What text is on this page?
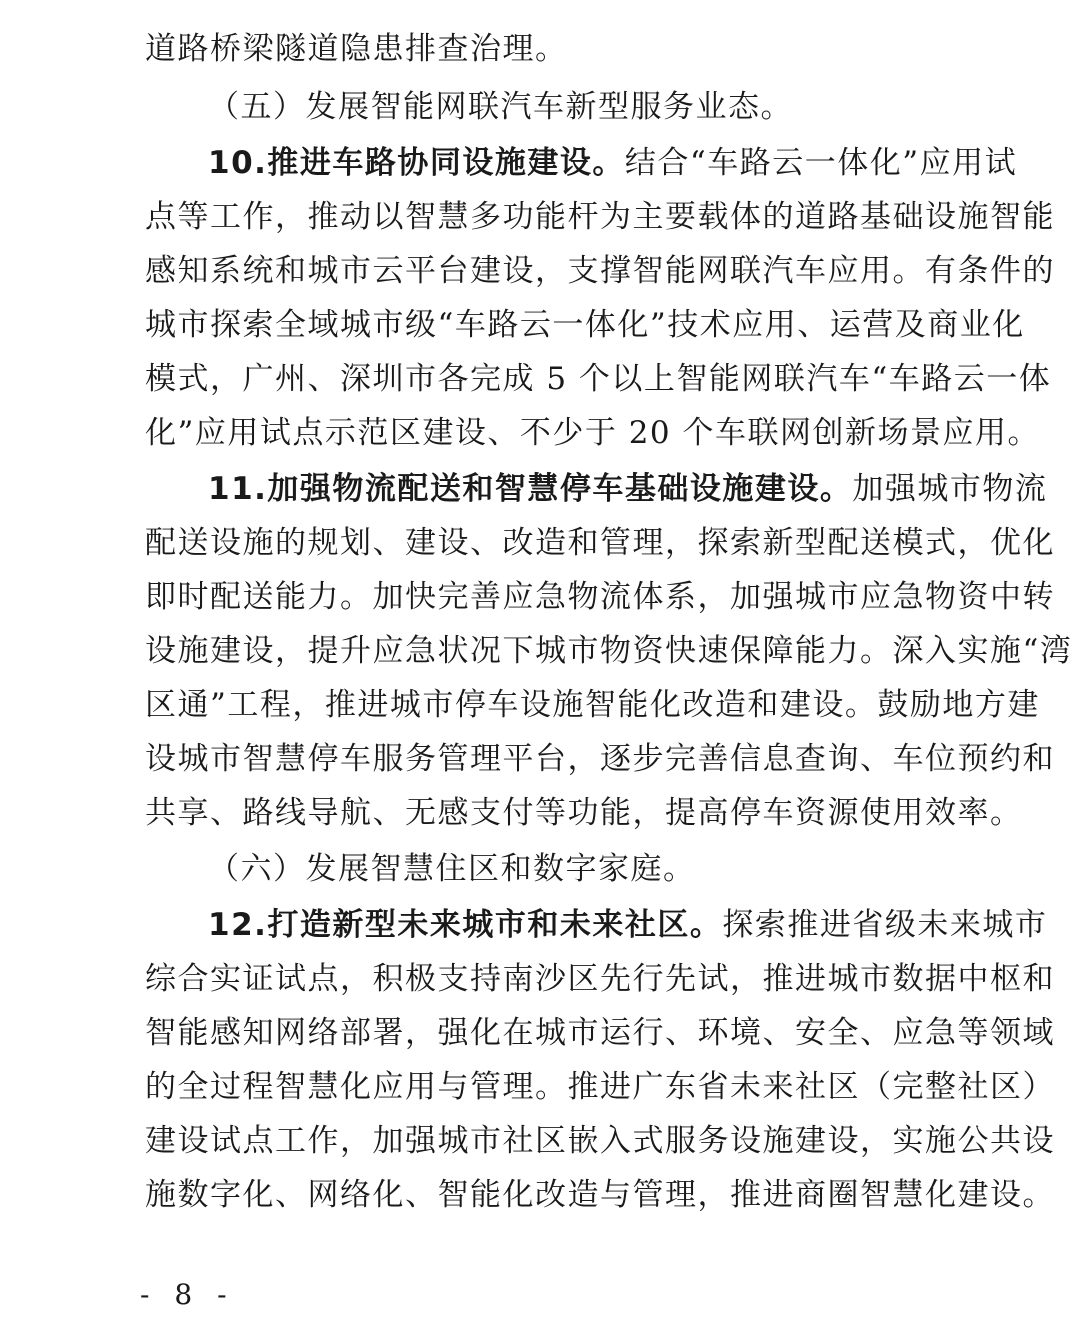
道路桥梁隧道隐患排查治理。
（五）发展智能网联汽车新型服务业态。
10.推进车路协同设施建设。结合“车路云一体化”应用试
点等工作，推动以智慧多功能杆为主要载体的道路基础设施智能
感知系统和城市云平台建设，支撑智能网联汽车应用。有条件的
城市探索全域城市级“车路云一体化”技术应用、运营及商业化
模式，广州、深圳市各完成 5 个以上智能网联汽车“车路云一体
化”应用试点示范区建设、不少于 20 个车联网创新场景应用。
11.加强物流配送和智慧停车基础设施建设。加强城市物流
配送设施的规划、建设、改造和管理，探索新型配送模式，优化
即时配送能力。加快完善应急物流体系，加强城市应急物资中转
设施建设，提升应急状况下城市物资快速保障能力。深入实施“湾
区通”工程，推进城市停车设施智能化改造和建设。鼓励地方建
设城市智慧停车服务管理平台，逐步完善信息查询、车位预约和
共享、路线导航、无感支付等功能，提高停车资源使用效率。
（六）发展智慧住区和数字家庭。
12.打造新型未来城市和未来社区。探索推进省级未来城市
综合实证试点，积极支持南沙区先行先试，推进城市数据中枢和
智能感知网络部署，强化在城市运行、环境、安全、应急等领域
的全过程智慧化应用与管理。推进广东省未来社区（完整社区）
建设试点工作，加强城市社区嵌入式服务设施建设，实施公共设
施数字化、网络化、智能化改造与管理，推进商圈智慧化建设。
- 8 -
